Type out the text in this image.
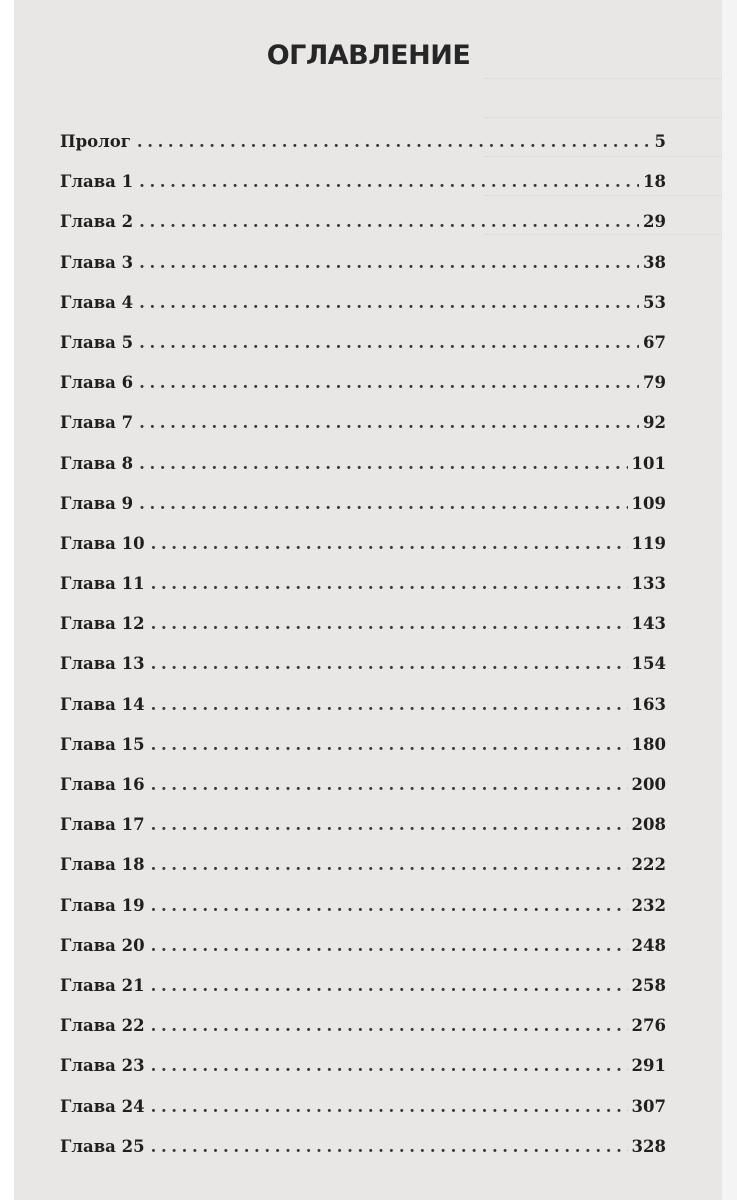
ОГЛАВЛЕНИЕ
Пролог .....	5
Глава 1 .....	18
Глава 2 .....	29
Глава 3 .....	38
Глава 4 .....	53
Глава 5 .....	67
Глава 6 .....	79
Глава 7 .....	92
Глава 8 .....	101
Глава 9 .....	109
Глава 10 .....	119
Глава 11 .....	133
Глава 12 .....	143
Глава 13 .....	154
Глава 14 .....	163
Глава 15 .....	180
Глава 16 .....	200
Глава 17 .....	208
Глава 18 .....	222
Глава 19 .....	232
Глава 20 .....	248
Глава 21 .....	258
Глава 22 .....	276
Глава 23 .....	291
Глава 24 .....	307
Глава 25 .....	328
